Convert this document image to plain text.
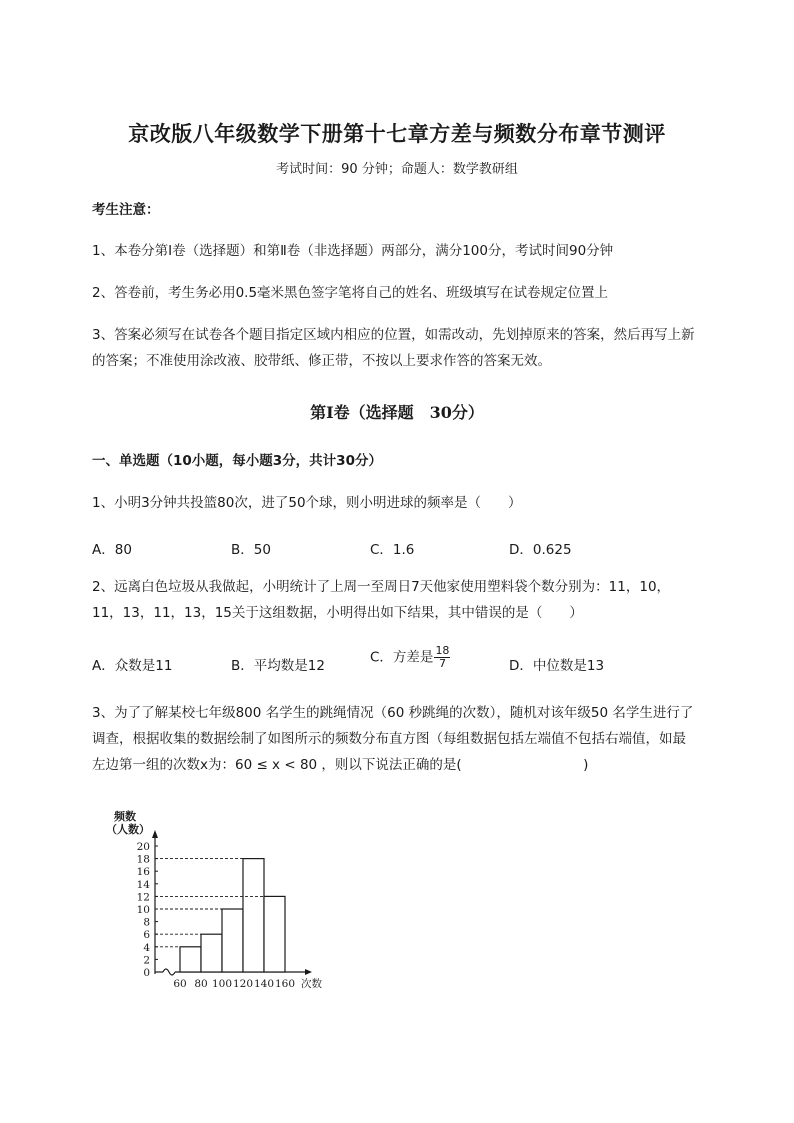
京改版八年级数学下册第十七章方差与频数分布章节测评
考试时间：90 分钟；命题人：数学教研组
考生注意：
1、本卷分第I卷（选择题）和第Ⅱ卷（非选择题）两部分，满分100分，考试时间90分钟
2、答卷前，考生务必用0.5毫米黑色签字笔将自己的姓名、班级填写在试卷规定位置上
3、答案必须写在试卷各个题目指定区域内相应的位置，如需改动，先划掉原来的答案，然后再写上新
的答案；不准使用涂改液、胶带纸、修正带，不按以上要求作答的答案无效。
第I卷（选择题　30分）
一、单选题（10小题，每小题3分，共计30分）
1、小明3分钟共投篮80次，进了50个球，则小明进球的频率是（　　）
A．80	B．50	C．1.6	D．0.625
2、远离白色垃圾从我做起，小明统计了上周一至周日7天他家使用塑料袋个数分别为：11，10，
11，13，11，13，15关于这组数据，小明得出如下结果，其中错误的是（　　）
A．众数是11	B．平均数是12
C．方差是 $\frac{18}{7}$	D．中位数是13
3、为了了解某校七年级800 名学生的跳绳情况（60 秒跳绳的次数），随机对该年级50 名学生进行了
调查，根据收集的数据绘制了如图所示的频数分布直方图（每组数据包括左端值不包括右端值，如最
左边第一组的次数x为：60 ≤ x < 80 ，则以下说法正确的是(　　　　　　　　　)
频数
（人数）
0
2
4
6
8
10
12
14
16
18
20
60 80 100 120 140 160 次数
